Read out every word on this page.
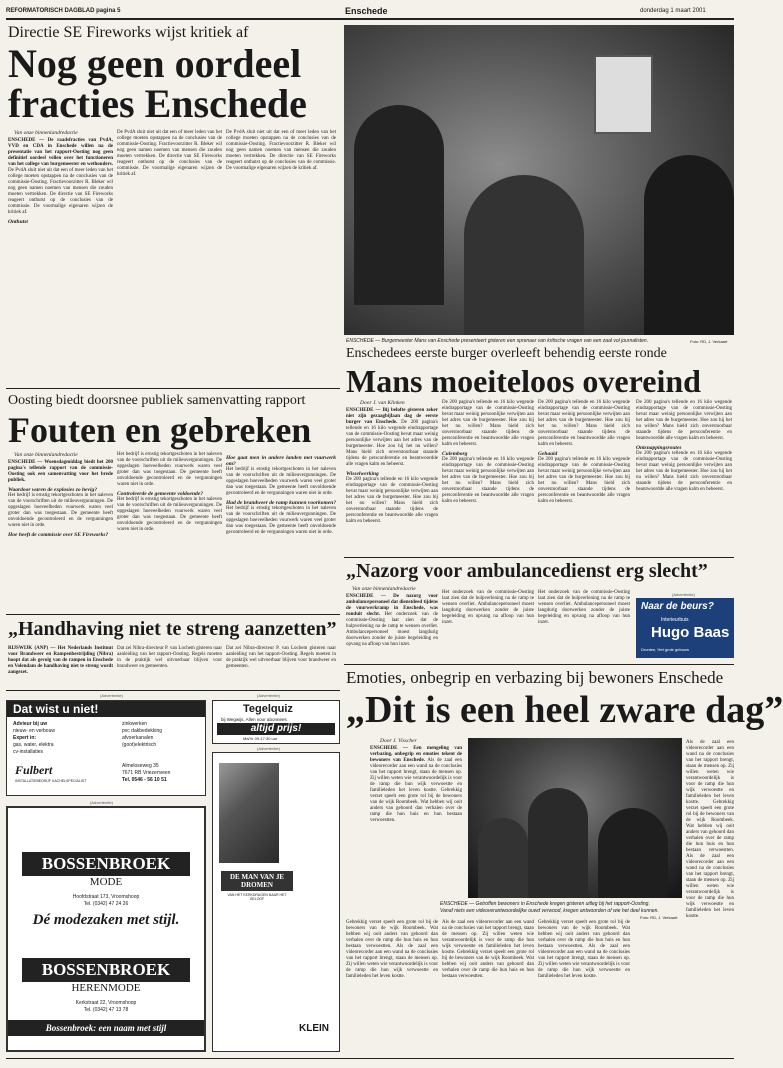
REFORMATORISCH DAGBLAD pagina 5	Enschede	donderdag 1 maart 2001
Directie SE Fireworks wijst kritiek af
Nog geen oordeel fracties Enschede
Van onze binnenlandredactie
ENSCHEDE — De raadsfracties van PvdA, VVD en CDA in Enschede willen na de presentatie van het rapport-Oosting nog geen definitief oordeel vellen over het functioneren van het college van burgemeester en wethouders. De PvdA sluit niet uit dat een of meer leden van het college moeten opstappen na de conclusies van de commissie-Oosting. Fractievoorzitter R. Bleker wil nog geen namen noemen van mensen die zouden moeten vertrekken. De directie van SE Fireworks reageert onthutst op de conclusies van de commissie. De voormalige eigenaren wijzen de kritiek af.
Onthutst
De PvdA sluit niet uit dat een of meer leden van het college moeten opstappen na de conclusies van de commissie-Oosting. Fractievoorzitter R. Bleker wil nog geen namen noemen van mensen die zouden moeten vertrekken. De directie van SE Fireworks reageert onthutst op de conclusies van de commissie. De voormalige eigenaren wijzen de kritiek af.
De PvdA sluit niet uit dat een of meer leden van het college moeten opstappen na de conclusies van de commissie-Oosting. Fractievoorzitter R. Bleker wil nog geen namen noemen van mensen die zouden moeten vertrekken. De directie van SE Fireworks reageert onthutst op de conclusies van de commissie. De voormalige eigenaren wijzen de kritiek af.
ENSCHEDE — Burgemeester Mans van Enschede presenteert gisteren een sprenaar van kritische vragen van een zaal vol journalisten.	Foto: RD, J. Verkaart
Enschedees eerste burger overleeft behendig eerste ronde
Mans moeiteloos overeind
Door J. van Klinken
ENSCHEDE — Bij belofte gisteren zeker niet zijn gezaagbijlaan dag de eerste burger van Enschede. De 200 pagina's tellende en 16 kilo wegende eindrapportage van de commissie-Oosting bevat maar weinig persoonlijke verwijten aan het adres van de burgemeester. Hoe zou hij het nu willen? Mans hield zich onverstoorbaar staande tijdens de persconferentie en beantwoordde alle vragen kalm en beheerst.
Wisselwerking
De 200 pagina's tellende en 16 kilo wegende eindrapportage van de commissie-Oosting bevat maar weinig persoonlijke verwijten aan het adres van de burgemeester. Hoe zou hij het nu willen? Mans hield zich onverstoorbaar staande tijdens de persconferentie en beantwoordde alle vragen kalm en beheerst.
De 200 pagina's tellende en 16 kilo wegende eindrapportage van de commissie-Oosting bevat maar weinig persoonlijke verwijten aan het adres van de burgemeester. Hoe zou hij het nu willen? Mans hield zich onverstoorbaar staande tijdens de persconferentie en beantwoordde alle vragen kalm en beheerst.
Culemborg
De 200 pagina's tellende en 16 kilo wegende eindrapportage van de commissie-Oosting bevat maar weinig persoonlijke verwijten aan het adres van de burgemeester. Hoe zou hij het nu willen? Mans hield zich onverstoorbaar staande tijdens de persconferentie en beantwoordde alle vragen kalm en beheerst.
De 200 pagina's tellende en 16 kilo wegende eindrapportage van de commissie-Oosting bevat maar weinig persoonlijke verwijten aan het adres van de burgemeester. Hoe zou hij het nu willen? Mans hield zich onverstoorbaar staande tijdens de persconferentie en beantwoordde alle vragen kalm en beheerst.
Gehaaid
De 200 pagina's tellende en 16 kilo wegende eindrapportage van de commissie-Oosting bevat maar weinig persoonlijke verwijten aan het adres van de burgemeester. Hoe zou hij het nu willen? Mans hield zich onverstoorbaar staande tijdens de persconferentie en beantwoordde alle vragen kalm en beheerst.
De 200 pagina's tellende en 16 kilo wegende eindrapportage van de commissie-Oosting bevat maar weinig persoonlijke verwijten aan het adres van de burgemeester. Hoe zou hij het nu willen? Mans hield zich onverstoorbaar staande tijdens de persconferentie en beantwoordde alle vragen kalm en beheerst.
Ontsnappingsroutes
De 200 pagina's tellende en 16 kilo wegende eindrapportage van de commissie-Oosting bevat maar weinig persoonlijke verwijten aan het adres van de burgemeester. Hoe zou hij het nu willen? Mans hield zich onverstoorbaar staande tijdens de persconferentie en beantwoordde alle vragen kalm en beheerst.
Oosting biedt doorsnee publiek samenvatting rapport
Fouten en gebreken
Van onze binnenlandredactie
ENSCHEDE — Woensdagmiddag biedt het 200 pagina's tellende rapport van de commissie-Oosting ook een samenvatting voor het brede publiek.
Waardoor waren de explosies zo hevig?
Het bedrijf is ernstig tekortgeschoten in het naleven van de voorschriften uit de milieuvergunningen. De opgeslagen hoeveelheden vuurwerk waren veel groter dan was toegestaan. De gemeente heeft onvoldoende gecontroleerd en de vergunningen waren niet in orde.
Hoe heeft de commissie over SE Fireworks?
Het bedrijf is ernstig tekortgeschoten in het naleven van de voorschriften uit de milieuvergunningen. De opgeslagen hoeveelheden vuurwerk waren veel groter dan was toegestaan. De gemeente heeft onvoldoende gecontroleerd en de vergunningen waren niet in orde.
Controleerde de gemeente voldoende?
Het bedrijf is ernstig tekortgeschoten in het naleven van de voorschriften uit de milieuvergunningen. De opgeslagen hoeveelheden vuurwerk waren veel groter dan was toegestaan. De gemeente heeft onvoldoende gecontroleerd en de vergunningen waren niet in orde.
Hoe gaat men in andere landen met vuurwerk om?
Het bedrijf is ernstig tekortgeschoten in het naleven van de voorschriften uit de milieuvergunningen. De opgeslagen hoeveelheden vuurwerk waren veel groter dan was toegestaan. De gemeente heeft onvoldoende gecontroleerd en de vergunningen waren niet in orde.
Had de brandweer de ramp kunnen voorkomen?
Het bedrijf is ernstig tekortgeschoten in het naleven van de voorschriften uit de milieuvergunningen. De opgeslagen hoeveelheden vuurwerk waren veel groter dan was toegestaan. De gemeente heeft onvoldoende gecontroleerd en de vergunningen waren niet in orde.
„Nazorg voor ambulancedienst erg slecht”
Van onze binnenlandredactie
ENSCHEDE — De nazorg voor ambulancepersoneel dat dienstdeed tijdens de vuurwerkramp in Enschede, was ronduit slecht. Het onderzoek van de commissie-Oosting laat zien dat de hulpverlening na de ramp te wensen overliet. Ambulancepersoneel moest langdurig doorwerken zonder de juiste begeleiding en opvang na afloop van hun inzet.
Het onderzoek van de commissie-Oosting laat zien dat de hulpverlening na de ramp te wensen overliet. Ambulancepersoneel moest langdurig doorwerken zonder de juiste begeleiding en opvang na afloop van hun inzet.
Het onderzoek van de commissie-Oosting laat zien dat de hulpverlening na de ramp te wensen overliet. Ambulancepersoneel moest langdurig doorwerken zonder de juiste begeleiding en opvang na afloop van hun inzet.
(Advertentie)
Naar de beurs?
Interieurbuis
Hugo Baas
Dronten, Het grote gebouw
„Handhaving niet te streng aanzetten”
RIJSWIJK (ANP) — Het Nederlands Instituut voor Brandweer en Rampenbestrijding (Nibra) hoopt dat als gevolg van de rampen in Enschede en Volendam de handhaving niet te streng wordt aangezet.
Dat zei Nibra-directeur P. van Lochem gisteren naar aanleiding van het rapport-Oosting. Regels moeten in de praktijk wel uitvoerbaar blijven voor brandweer en gemeenten.
Dat zei Nibra-directeur P. van Lochem gisteren naar aanleiding van het rapport-Oosting. Regels moeten in de praktijk wel uitvoerbaar blijven voor brandweer en gemeenten.
(Advertentie)	(Advertentie)
Dat wist u niet!
Advieur bij uw
nieuw- en verbouw
Expert in:
gas, water, elektra
cv-installaties
zinkwerken
pvc dakbedekking
afvoerkanalen
(goot)elektrisch
Fulbert
INSTALLATIEBEDRIJF KACHELSPECIALIST
Almeloseweg 35
7671 RB Vriezenveen
Tel. 0546 - 56 10 51
Tegelquiz
bij Wegwijs, Allen voor abonnees
altijd prijs!
Ma/Vr 09-17:30 uur
(Advertentie)
DE MAN VAN JE DROMEN
VAN HET KERKDRAGEN NAAR HET GELOOF
KLEIN
(Advertentie)
BOSSENBROEK
MODE
Hoofdstraat 173, Vroomshoop
Tel. (0342) 47 24 26
Dé modezaken met stijl.
BOSSENBROEK
HERENMODE
Kerkstraat 22, Vroomshoop
Tel. (0342) 47 13 78
Bossenbroek: een naam met stijl
Emoties, onbegrip en verbazing bij bewoners Enschede
„Dit is een heel zware dag”
Door J. Visscher
ENSCHEDE — Een mengeling van verbazing, onbegrip en emoties tekent de bewoners van Enschede. Als de zaal een videorecorder aan een wand na de conclusies van het rapport brengt, staan de mensen op. Zij willen weten wie verantwoordelijk is voor de ramp die hun wijk verwoestte en familieleden het leven kostte. Gebrekkig verzet speelt een grote rol bij de bewoners van de wijk Roombeek. Wat hebben wij ooit anders van gehoord dan verhalen over de ramp die hun huis en hun bestaan verwoestten.
ENSCHEDE — Getroffen bewoners in Enschede kregen gisteren uitleg bij het rapport-Oosting.
Vanaf niets een videoverantwoordelijke ouwd verwood, kregen antwoorden of wie het deel kunnen.
Foto: RD, J. Verkaart
Gebrekkig verzet speelt een grote rol bij de bewoners van de wijk Roombeek. Wat hebben wij ooit anders van gehoord dan verhalen over de ramp die hun huis en hun bestaan verwoestten. Als de zaal een videorecorder aan een wand na de conclusies van het rapport brengt, staan de mensen op. Zij willen weten wie verantwoordelijk is voor de ramp die hun wijk verwoestte en familieleden het leven kostte.
Als de zaal een videorecorder aan een wand na de conclusies van het rapport brengt, staan de mensen op. Zij willen weten wie verantwoordelijk is voor de ramp die hun wijk verwoestte en familieleden het leven kostte. Gebrekkig verzet speelt een grote rol bij de bewoners van de wijk Roombeek. Wat hebben wij ooit anders van gehoord dan verhalen over de ramp die hun huis en hun bestaan verwoestten.
Gebrekkig verzet speelt een grote rol bij de bewoners van de wijk Roombeek. Wat hebben wij ooit anders van gehoord dan verhalen over de ramp die hun huis en hun bestaan verwoestten. Als de zaal een videorecorder aan een wand na de conclusies van het rapport brengt, staan de mensen op. Zij willen weten wie verantwoordelijk is voor de ramp die hun wijk verwoestte en familieleden het leven kostte.
Als de zaal een videorecorder aan een wand na de conclusies van het rapport brengt, staan de mensen op. Zij willen weten wie verantwoordelijk is voor de ramp die hun wijk verwoestte en familieleden het leven kostte.	Gebrekkig verzet speelt een grote rol bij de bewoners van de wijk Roombeek. Wat hebben wij ooit anders van gehoord dan verhalen over de ramp die hun huis en hun bestaan verwoestten. Als de zaal een videorecorder aan een wand na de conclusies van het rapport brengt, staan de mensen op. Zij willen weten wie verantwoordelijk is voor de ramp die hun wijk verwoestte en familieleden het leven kostte.
